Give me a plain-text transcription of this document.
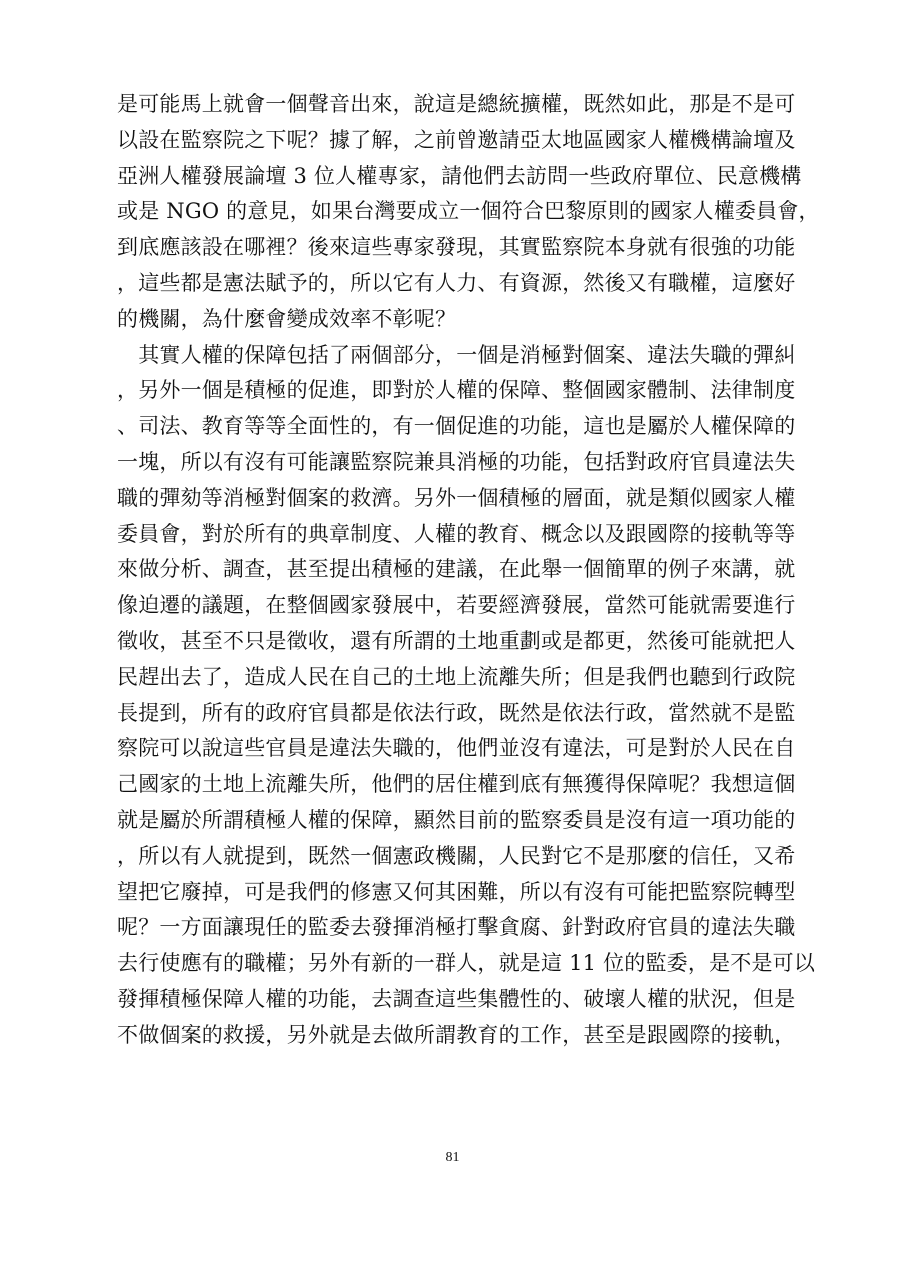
是可能馬上就會一個聲音出來，說這是總統擴權，既然如此，那是不是可
以設在監察院之下呢？據了解，之前曾邀請亞太地區國家人權機構論壇及
亞洲人權發展論壇 3 位人權專家，請他們去訪問一些政府單位、民意機構
或是 NGO 的意見，如果台灣要成立一個符合巴黎原則的國家人權委員會，
到底應該設在哪裡？後來這些專家發現，其實監察院本身就有很強的功能
，這些都是憲法賦予的，所以它有人力、有資源，然後又有職權，這麼好
的機關，為什麼會變成效率不彰呢？
　其實人權的保障包括了兩個部分，一個是消極對個案、違法失職的彈糾
，另外一個是積極的促進，即對於人權的保障、整個國家體制、法律制度
、司法、教育等等全面性的，有一個促進的功能，這也是屬於人權保障的
一塊，所以有沒有可能讓監察院兼具消極的功能，包括對政府官員違法失
職的彈劾等消極對個案的救濟。另外一個積極的層面，就是類似國家人權
委員會，對於所有的典章制度、人權的教育、概念以及跟國際的接軌等等
來做分析、調查，甚至提出積極的建議，在此舉一個簡單的例子來講，就
像迫遷的議題，在整個國家發展中，若要經濟發展，當然可能就需要進行
徵收，甚至不只是徵收，還有所謂的土地重劃或是都更，然後可能就把人
民趕出去了，造成人民在自己的土地上流離失所；但是我們也聽到行政院
長提到，所有的政府官員都是依法行政，既然是依法行政，當然就不是監
察院可以說這些官員是違法失職的，他們並沒有違法，可是對於人民在自
己國家的土地上流離失所，他們的居住權到底有無獲得保障呢？我想這個
就是屬於所謂積極人權的保障，顯然目前的監察委員是沒有這一項功能的
，所以有人就提到，既然一個憲政機關，人民對它不是那麼的信任，又希
望把它廢掉，可是我們的修憲又何其困難，所以有沒有可能把監察院轉型
呢？一方面讓現任的監委去發揮消極打擊貪腐、針對政府官員的違法失職
去行使應有的職權；另外有新的一群人，就是這 11 位的監委，是不是可以
發揮積極保障人權的功能，去調查這些集體性的、破壞人權的狀況，但是
不做個案的救援，另外就是去做所謂教育的工作，甚至是跟國際的接軌，
81
